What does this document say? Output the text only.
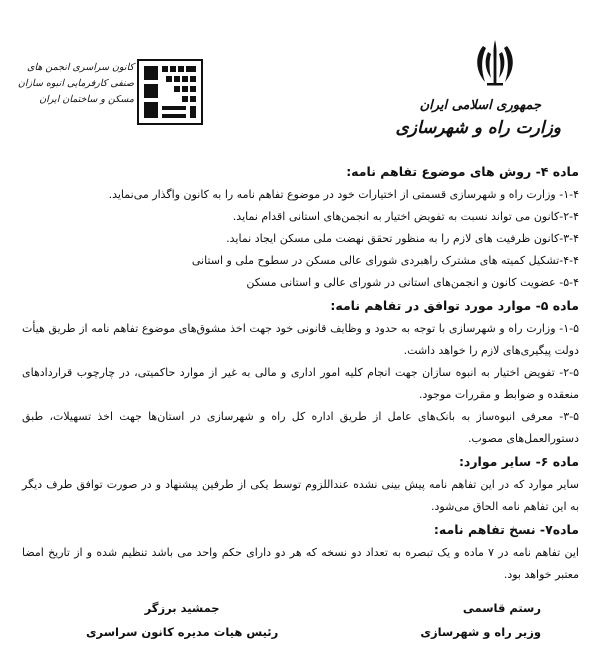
جمهوری اسلامی ایران
وزارت راه و شهرسازی
کانون سراسری انجمن های
صنفی کارفرمایی انبوه سازان
مسکن و ساختمان ایران

ماده ۴- روش های موضوع تفاهم نامه:

۱-۴- وزارت راه و شهرسازی قسمتی از اختیارات خود در موضوع تفاهم نامه را به کانون واگذار می‌نماید.

۲-۴-کانون می تواند نسبت به تفویض اختیار به انجمن‌های استانی اقدام نماید.

۳-۴-کانون ظرفیت های لازم را به منظور تحقق نهضت ملی مسکن ایجاد نماید.

۴-۴-تشکیل کمیته های مشترک راهبردی شورای عالی مسکن در سطوح ملی و استانی

۵-۴- عضویت کانون و انجمن‌های استانی در شورای عالی و استانی مسکن

ماده ۵- موارد مورد توافق در تفاهم نامه:

۱-۵- وزارت راه و شهرسازی با توجه به حدود و وظایف قانونی خود جهت اخذ مشوق‌های موضوع تفاهم نامه از طریق هیأت دولت پیگیری‌های لازم را خواهد داشت.

۲-۵- تفویض اختیار به انبوه سازان جهت انجام کلیه امور اداری و مالی به غیر از موارد حاکمیتی، در چارچوب قراردادهای منعقده و ضوابط و مقررات موجود.

۳-۵- معرفی انبوه‌ساز به بانک‌های عامل از طریق اداره کل راه و شهرسازی در استان‌ها جهت اخذ تسهیلات، طبق دستورالعمل‌های مصوب.

ماده ۶- سایر موارد:

سایر موارد که در این تفاهم نامه پیش بینی نشده عنداللزوم توسط یکی از طرفین پیشنهاد و در صورت توافق طرف دیگر به این تفاهم نامه الحاق می‌شود.

ماده۷- نسخ تفاهم نامه:

این تفاهم نامه در ۷ ماده و یک تبصره به تعداد دو نسخه که هر دو دارای حکم واحد می باشد تنظیم شده و از تاریخ امضا معتبر خواهد بود.

رستم قاسمی
وزیر راه و شهرسازی
جمشید برزگر
رئیس هیات مدیره کانون سراسری
